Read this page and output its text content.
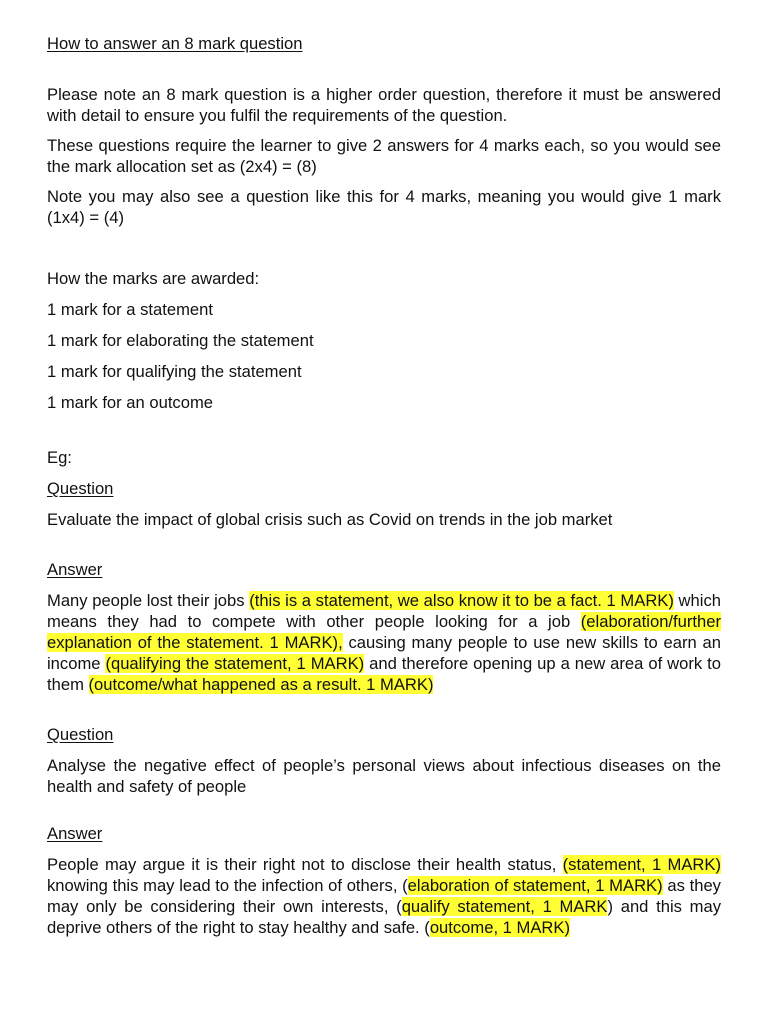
How to answer an 8 mark question

Please note an 8 mark question is a higher order question, therefore it must be answered with detail to ensure you fulfil the requirements of the question.

These questions require the learner to give 2 answers for 4 marks each, so you would see the mark allocation set as (2x4) = (8)

Note you may also see a question like this for 4 marks, meaning you would give 1 mark (1x4) = (4)

How the marks are awarded:

1 mark for a statement

1 mark for elaborating the statement

1 mark for qualifying the statement

1 mark for an outcome

Eg:

Question

Evaluate the impact of global crisis such as Covid on trends in the job market

Answer

Many people lost their jobs (this is a statement, we also know it to be a fact. 1 MARK) which means they had to compete with other people looking for a job (elaboration/further explanation of the statement. 1 MARK), causing many people to use new skills to earn an income (qualifying the statement, 1 MARK) and therefore opening up a new area of work to them (outcome/what happened as a result. 1 MARK)

Question

Analyse the negative effect of people’s personal views about infectious diseases on the health and safety of people

Answer

People may argue it is their right not to disclose their health status, (statement, 1 MARK) knowing this may lead to the infection of others, (elaboration of statement, 1 MARK) as they may only be considering their own interests, (qualify statement, 1 MARK) and this may deprive others of the right to stay healthy and safe. (outcome, 1 MARK)
